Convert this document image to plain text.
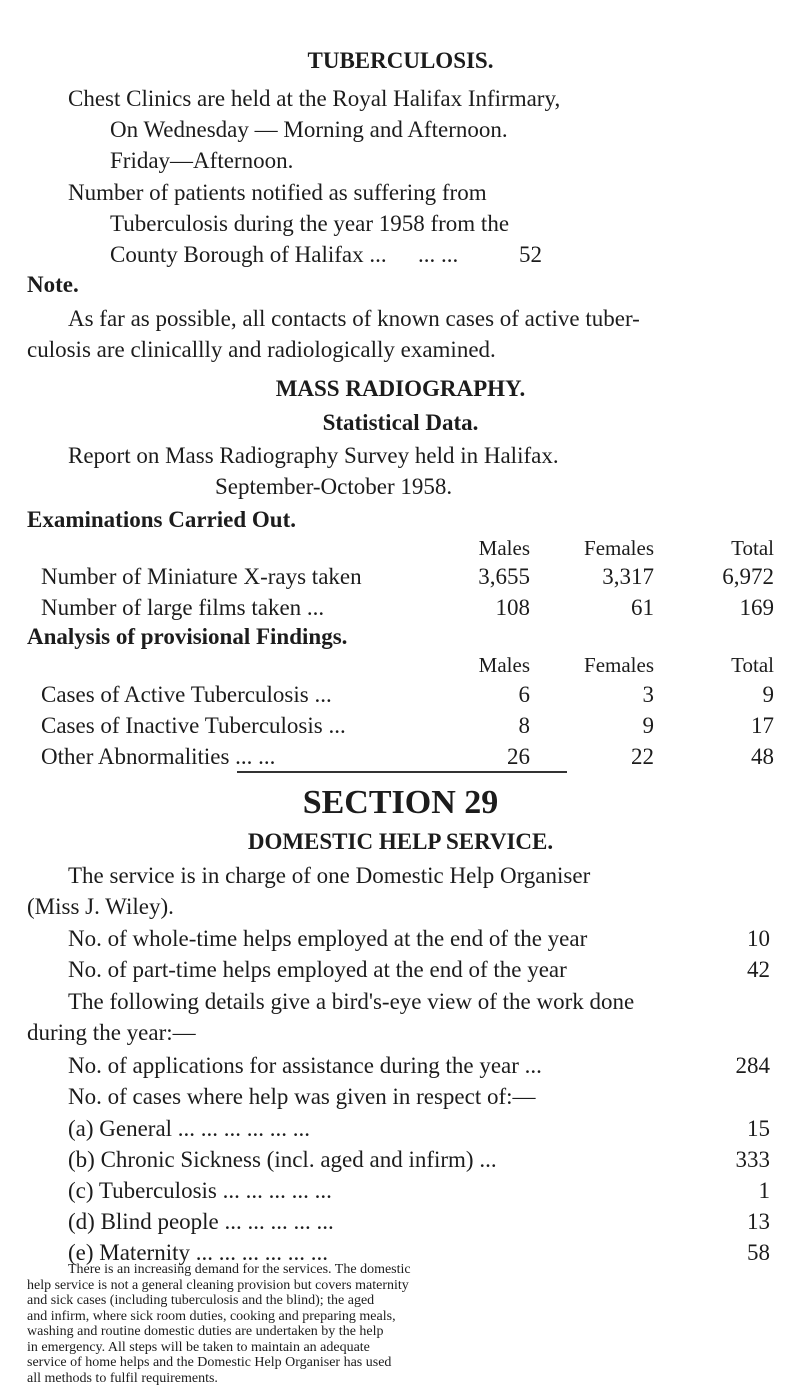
TUBERCULOSIS.
Chest Clinics are held at the Royal Halifax Infirmary,
On Wednesday — Morning and Afternoon.
Friday—Afternoon.
Number of patients notified as suffering from
Tuberculosis during the year 1958 from the
County Borough of Halifax ... ... ...	52
Note.
As far as possible, all contacts of known cases of active tuber-
culosis are clinicallly and radiologically examined.
MASS RADIOGRAPHY.
Statistical Data.
Report on Mass Radiography Survey held in Halifax.
September-October 1958.
Examinations Carried Out.
Males	Females	Total
Number of Miniature X-rays taken	3,655	3,317	6,972
Number of large films taken ...	108	61	169
Analysis of provisional Findings.
Males	Females	Total
Cases of Active Tuberculosis ...	6	3	9
Cases of Inactive Tuberculosis ...	8	9	17
Other Abnormalities ... ...	26	22	48
SECTION 29
DOMESTIC HELP SERVICE.
The service is in charge of one Domestic Help Organiser
(Miss J. Wiley).
No. of whole-time helps employed at the end of the year	10
No. of part-time helps employed at the end of the year	42
The following details give a bird's-eye view of the work done
during the year:—
No. of applications for assistance during the year ...	284
No. of cases where help was given in respect of:—
(a) General ... ... ... ... ... ...	15
(b) Chronic Sickness (incl. aged and infirm) ...	333
(c) Tuberculosis ... ... ... ... ...	1
(d) Blind people ... ... ... ... ...	13
(e) Maternity ... ... ... ... ... ...	58
There is an increasing demand for the services. The domestic
help service is not a general cleaning provision but covers maternity
and sick cases (including tuberculosis and the blind); the aged
and infirm, where sick room duties, cooking and preparing meals,
washing and routine domestic duties are undertaken by the help
in emergency. All steps will be taken to maintain an adequate
service of home helps and the Domestic Help Organiser has used
all methods to fulfil requirements.
